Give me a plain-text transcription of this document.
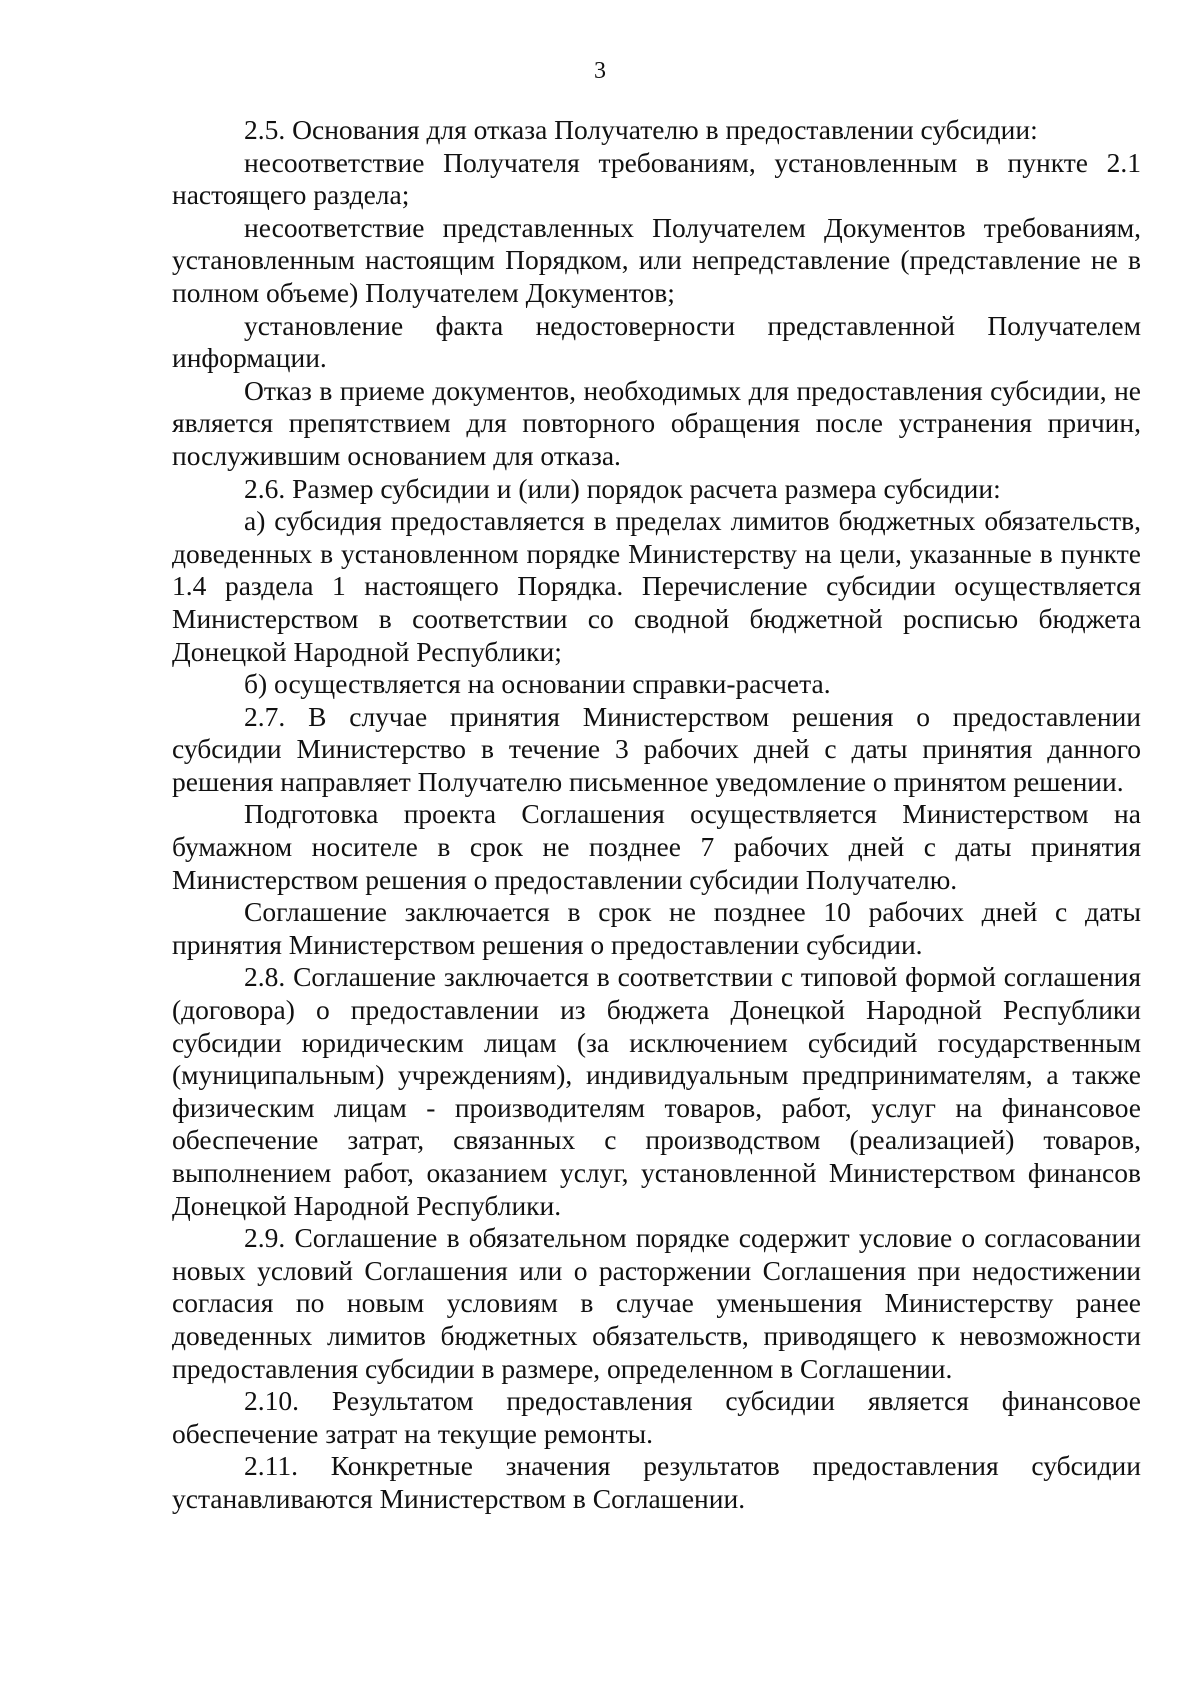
3

2.5. Основания для отказа Получателю в предоставлении субсидии:

несоответствие Получателя требованиям, установленным в пункте 2.1 настоящего раздела;

несоответствие представленных Получателем Документов требованиям, установленным настоящим Порядком, или непредставление (представление не в полном объеме) Получателем Документов;

установление факта недостоверности представленной Получателем информации.

Отказ в приеме документов, необходимых для предоставления субсидии, не является препятствием для повторного обращения после устранения причин, послужившим основанием для отказа.

2.6. Размер субсидии и (или) порядок расчета размера субсидии:

а) субсидия предоставляется в пределах лимитов бюджетных обязательств, доведенных в установленном порядке Министерству на цели, указанные в пункте 1.4 раздела 1 настоящего Порядка. Перечисление субсидии осуществляется Министерством в соответствии со сводной бюджетной росписью бюджета Донецкой Народной Республики;

б) осуществляется на основании справки-расчета.

2.7. В случае принятия Министерством решения о предоставлении субсидии Министерство в течение 3 рабочих дней с даты принятия данного решения направляет Получателю письменное уведомление о принятом решении.

Подготовка проекта Соглашения осуществляется Министерством на бумажном носителе в срок не позднее 7 рабочих дней с даты принятия Министерством решения о предоставлении субсидии Получателю.

Соглашение заключается в срок не позднее 10 рабочих дней с даты принятия Министерством решения о предоставлении субсидии.

2.8. Соглашение заключается в соответствии с типовой формой соглашения (договора) о предоставлении из бюджета Донецкой Народной Республики субсидии юридическим лицам (за исключением субсидий государственным (муниципальным) учреждениям), индивидуальным предпринимателям, а также физическим лицам - производителям товаров, работ, услуг на финансовое обеспечение затрат, связанных с производством (реализацией) товаров, выполнением работ, оказанием услуг, установленной Министерством финансов Донецкой Народной Республики.

2.9. Соглашение в обязательном порядке содержит условие о согласовании новых условий Соглашения или о расторжении Соглашения при недостижении согласия по новым условиям в случае уменьшения Министерству ранее доведенных лимитов бюджетных обязательств, приводящего к невозможности предоставления субсидии в размере, определенном в Соглашении.

2.10. Результатом предоставления субсидии является финансовое обеспечение затрат на текущие ремонты.

2.11. Конкретные значения результатов предоставления субсидии устанавливаются Министерством в Соглашении.
